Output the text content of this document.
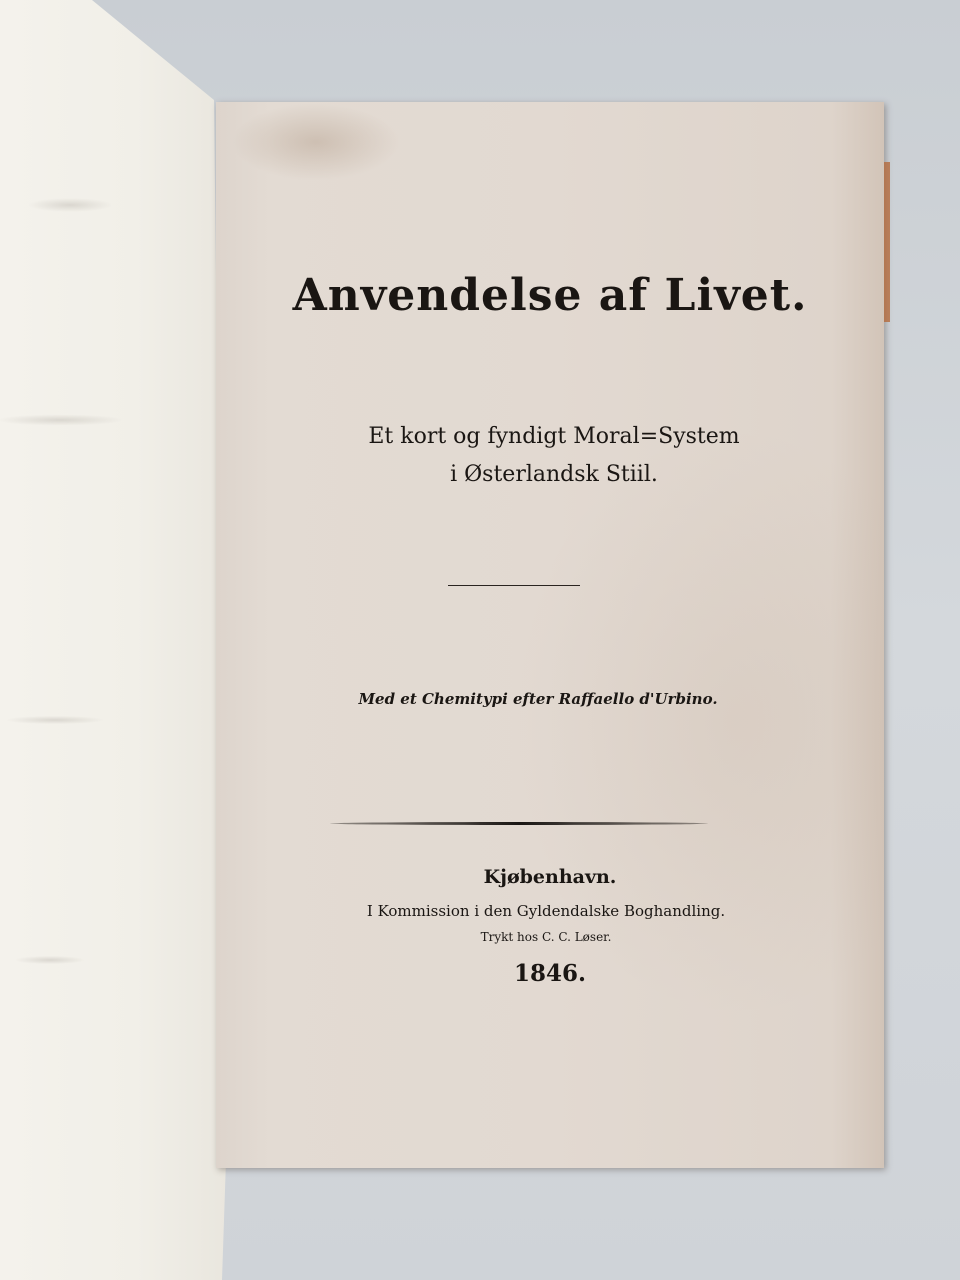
Anvendelse af Livet.
Et kort og fyndigt Moral=System
i Østerlandsk Stiil.
Med et Chemitypi efter Raffaello d'Urbino.
Kjøbenhavn.
I Kommission i den Gyldendalske Boghandling.
Trykt hos C. C. Løser.
1846.
